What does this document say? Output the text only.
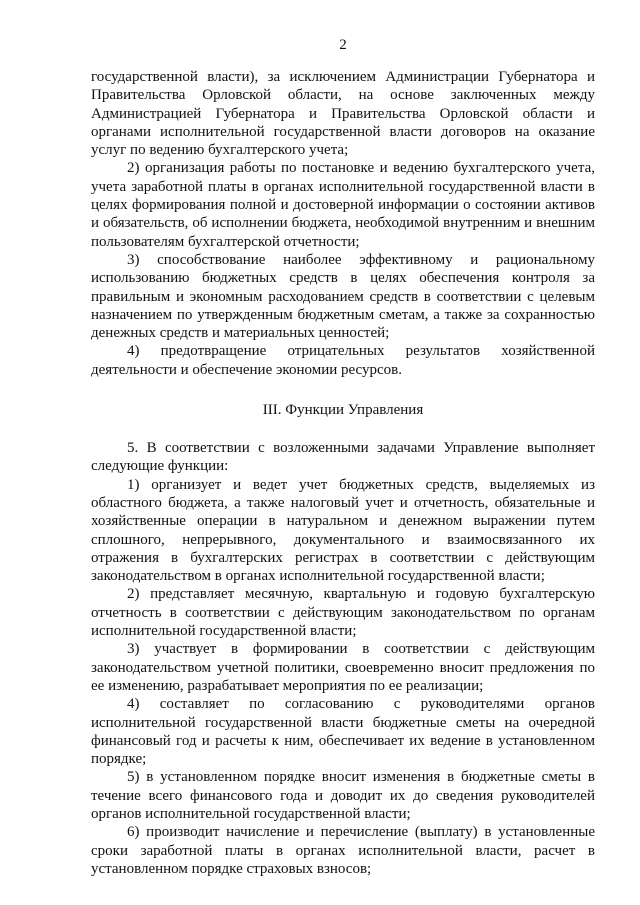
2

государственной власти), за исключением Администрации Губернатора и Правительства Орловской области, на основе заключенных между Администрацией Губернатора и Правительства Орловской области и органами исполнительной государственной власти договоров на оказание услуг по ведению бухгалтерского учета;

2) организация работы по постановке и ведению бухгалтерского учета, учета заработной платы в органах исполнительной государственной власти в целях формирования полной и достоверной информации о состоянии активов и обязательств, об исполнении бюджета, необходимой внутренним и внешним пользователям бухгалтерской отчетности;

3) способствование наиболее эффективному и рациональному использованию бюджетных средств в целях обеспечения контроля за правильным и экономным расходованием средств в соответствии с целевым назначением по утвержденным бюджетным сметам, а также за сохранностью денежных средств и материальных ценностей;

4) предотвращение отрицательных результатов хозяйственной деятельности и обеспечение экономии ресурсов.

III. Функции Управления

5. В соответствии с возложенными задачами Управление выполняет следующие функции:

1) организует и ведет учет бюджетных средств, выделяемых из областного бюджета, а также налоговый учет и отчетность, обязательные и хозяйственные операции в натуральном и денежном выражении путем сплошного, непрерывного, документального и взаимосвязанного их отражения в бухгалтерских регистрах в соответствии с действующим законодательством в органах исполнительной государственной власти;

2) представляет месячную, квартальную и годовую бухгалтерскую отчетность в соответствии с действующим законодательством по органам исполнительной государственной власти;

3) участвует в формировании в соответствии с действующим законодательством учетной политики, своевременно вносит предложения по ее изменению, разрабатывает мероприятия по ее реализации;

4) составляет по согласованию с руководителями органов исполнительной государственной власти бюджетные сметы на очередной финансовый год и расчеты к ним, обеспечивает их ведение в установленном порядке;

5) в установленном порядке вносит изменения в бюджетные сметы в течение всего финансового года и доводит их до сведения руководителей органов исполнительной государственной власти;

6) производит начисление и перечисление (выплату) в установленные сроки заработной платы в органах исполнительной власти, расчет в установленном порядке страховых взносов;
